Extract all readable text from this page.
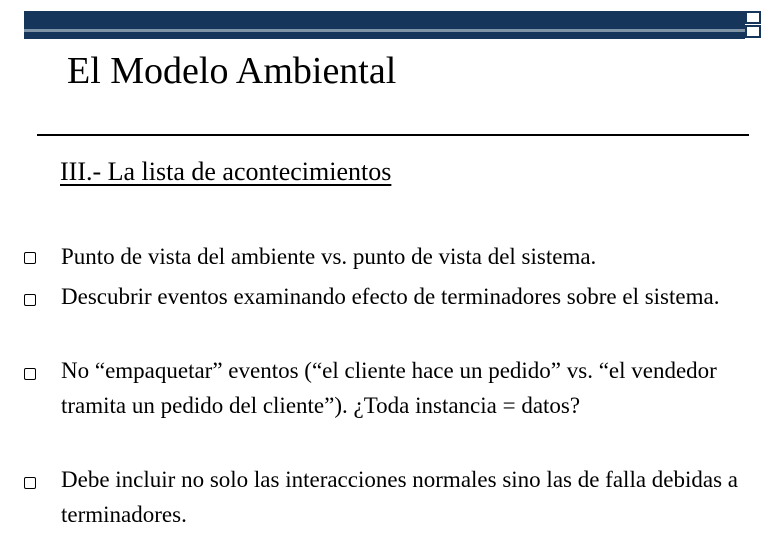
El Modelo Ambiental
III.- La lista de acontecimientos
Punto de vista del ambiente vs. punto de vista del sistema.
Descubrir eventos examinando efecto de terminadores sobre el sistema.
No “empaquetar” eventos (“el cliente hace un pedido” vs. “el vendedor tramita un pedido del cliente”). ¿Toda instancia = datos?
Debe incluir no solo las interacciones normales sino las de falla debidas a terminadores.
